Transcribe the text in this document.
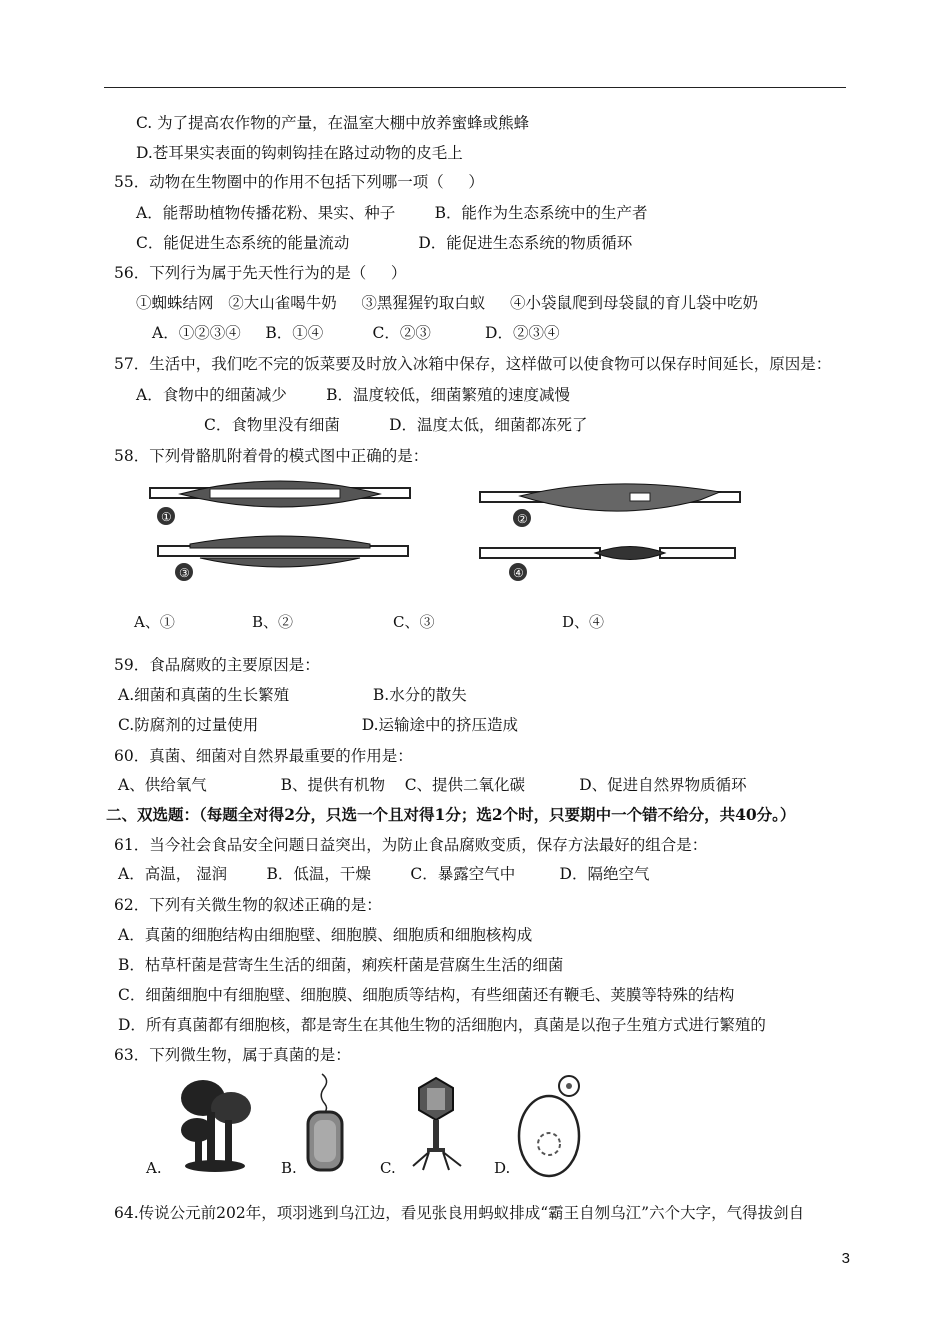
C. 为了提高农作物的产量，在温室大棚中放养蜜蜂或熊蜂
D.苍耳果实表面的钩刺钩挂在路过动物的皮毛上
55．动物在生物圈中的作用不包括下列哪一项（     ）
A．能帮助植物传播花粉、果实、种子        B．能作为生态系统中的生产者
C．能促进生态系统的能量流动              D．能促进生态系统的物质循环
56．下列行为属于先天性行为的是（     ）
①蜘蛛结网   ②大山雀喝牛奶     ③黑猩猩钓取白蚁     ④小袋鼠爬到母袋鼠的育儿袋中吃奶
A．①②③④     B．①④          C．②③           D．②③④
57．生活中，我们吃不完的饭菜要及时放入冰箱中保存，这样做可以使食物可以保存时间延长，原因是：
A．食物中的细菌减少        B．温度较低，细菌繁殖的速度减慢
C．食物里没有细菌          D．温度太低，细菌都冻死了
58．下列骨骼肌附着骨的模式图中正确的是：
①
③
②
④
A、①	B、②	C、③	D、④
59．食品腐败的主要原因是：
A.细菌和真菌的生长繁殖                 B.水分的散失
C.防腐剂的过量使用                     D.运输途中的挤压造成
60．真菌、细菌对自然界最重要的作用是：
A、供给氧气               B、提供有机物    C、提供二氧化碳           D、促进自然界物质循环
二、双选题：（每题全对得2分，只选一个且对得1分；选2个时，只要期中一个错不给分，共40分。）
61．当今社会食品安全问题日益突出，为防止食品腐败变质，保存方法最好的组合是：
A．高温， 湿润        B．低温，干燥        C．暴露空气中         D．隔绝空气
62．下列有关微生物的叙述正确的是：
A．真菌的细胞结构由细胞壁、细胞膜、细胞质和细胞核构成
B．枯草杆菌是营寄生生活的细菌，痢疾杆菌是营腐生生活的细菌
C．细菌细胞中有细胞壁、细胞膜、细胞质等结构，有些细菌还有鞭毛、荚膜等特殊的结构
D．所有真菌都有细胞核，都是寄生在其他生物的活细胞内，真菌是以孢子生殖方式进行繁殖的
63．下列微生物，属于真菌的是：
A.	B.	C.	D.
64.传说公元前202年，项羽逃到乌江边，看见张良用蚂蚁排成“霸王自刎乌江”六个大字，气得拔剑自
3
